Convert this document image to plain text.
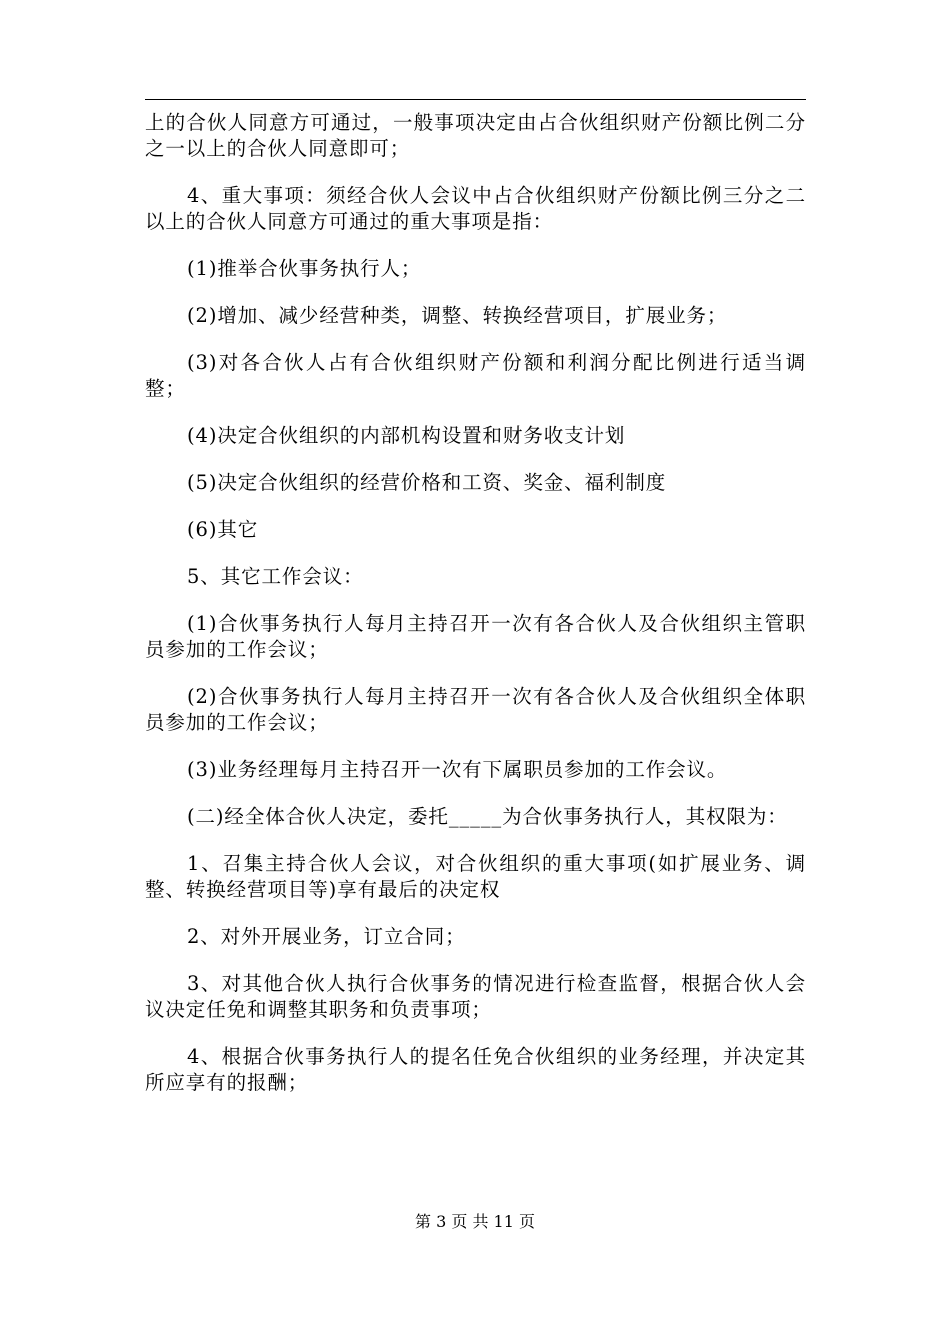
上的合伙人同意方可通过，一般事项决定由占合伙组织财产份额比例二分之一以上的合伙人同意即可；

4、重大事项：须经合伙人会议中占合伙组织财产份额比例三分之二以上的合伙人同意方可通过的重大事项是指：

(1)推举合伙事务执行人；

(2)增加、减少经营种类，调整、转换经营项目，扩展业务；

(3)对各合伙人占有合伙组织财产份额和利润分配比例进行适当调整；

(4)决定合伙组织的内部机构设置和财务收支计划

(5)决定合伙组织的经营价格和工资、奖金、福利制度

(6)其它

5、其它工作会议：

(1)合伙事务执行人每月主持召开一次有各合伙人及合伙组织主管职员参加的工作会议；

(2)合伙事务执行人每月主持召开一次有各合伙人及合伙组织全体职员参加的工作会议；

(3)业务经理每月主持召开一次有下属职员参加的工作会议。

(二)经全体合伙人决定，委托_____为合伙事务执行人，其权限为：

1、召集主持合伙人会议，对合伙组织的重大事项(如扩展业务、调整、转换经营项目等)享有最后的决定权

2、对外开展业务，订立合同；

3、对其他合伙人执行合伙事务的情况进行检查监督，根据合伙人会议决定任免和调整其职务和负责事项；

4、根据合伙事务执行人的提名任免合伙组织的业务经理，并决定其所应享有的报酬；

第 3 页 共 11 页
